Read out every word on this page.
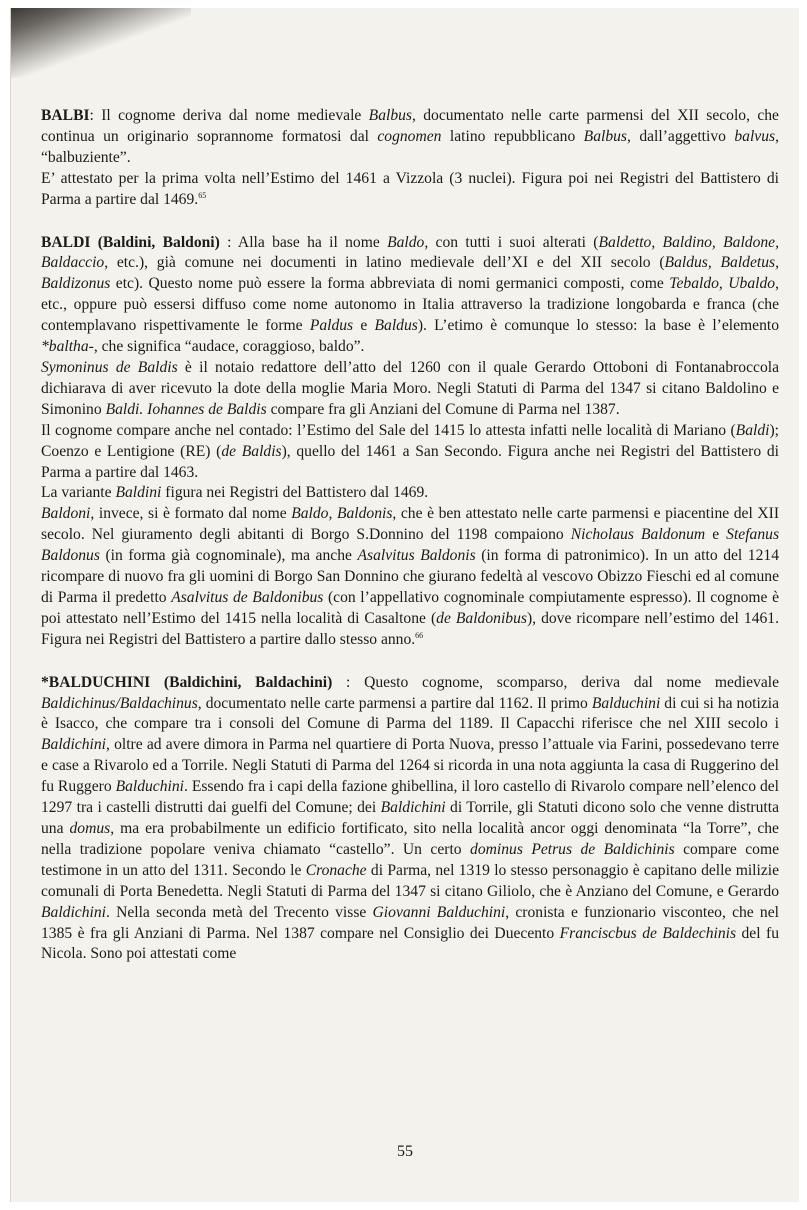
BALBI: Il cognome deriva dal nome medievale Balbus, documentato nelle carte parmensi del XII secolo, che continua un originario soprannome formatosi dal cognomen latino repubblicano Balbus, dall’aggettivo balvus, “balbuziente”.

E’ attestato per la prima volta nell’Estimo del 1461 a Vizzola (3 nuclei). Figura poi nei Registri del Battistero di Parma a partire dal 1469.65

BALDI (Baldini, Baldoni) : Alla base ha il nome Baldo, con tutti i suoi alterati (Baldetto, Baldino, Baldone, Baldaccio, etc.), già comune nei documenti in latino medievale dell’XI e del XII secolo (Baldus, Baldetus, Baldizonus etc). Questo nome può essere la forma abbreviata di nomi germanici composti, come Tebaldo, Ubaldo, etc., oppure può essersi diffuso come nome autonomo in Italia attraverso la tradizione longobarda e franca (che contemplavano rispettivamente le forme Paldus e Baldus). L’etimo è comunque lo stesso: la base è l’elemento *baltha-, che significa “audace, coraggioso, baldo”.

Symoninus de Baldis è il notaio redattore dell’atto del 1260 con il quale Gerardo Ottoboni di Fontanabroccola dichiarava di aver ricevuto la dote della moglie Maria Moro. Negli Statuti di Parma del 1347 si citano Baldolino e Simonino Baldi. Iohannes de Baldis compare fra gli Anziani del Comune di Parma nel 1387.

Il cognome compare anche nel contado: l’Estimo del Sale del 1415 lo attesta infatti nelle località di Mariano (Baldi); Coenzo e Lentigione (RE) (de Baldis), quello del 1461 a San Secondo. Figura anche nei Registri del Battistero di Parma a partire dal 1463.

La variante Baldini figura nei Registri del Battistero dal 1469.

Baldoni, invece, si è formato dal nome Baldo, Baldonis, che è ben attestato nelle carte parmensi e piacentine del XII secolo. Nel giuramento degli abitanti di Borgo S.Donnino del 1198 compaiono Nicholaus Baldonum e Stefanus Baldonus (in forma già cognominale), ma anche Asalvitus Baldonis (in forma di patronimico). In un atto del 1214 ricompare di nuovo fra gli uomini di Borgo San Donnino che giurano fedeltà al vescovo Obizzo Fieschi ed al comune di Parma il predetto Asalvitus de Baldonibus (con l’appellativo cognominale compiutamente espresso). Il cognome è poi attestato nell’Estimo del 1415 nella località di Casaltone (de Baldonibus), dove ricompare nell’estimo del 1461. Figura nei Registri del Battistero a partire dallo stesso anno.$^{66}$

*BALDUCHINI (Baldichini, Baldachini) : Questo cognome, scomparso, deriva dal nome medievale Baldichinus/Baldachinus, documentato nelle carte parmensi a partire dal 1162. Il primo Balduchini di cui si ha notizia è Isacco, che compare tra i consoli del Comune di Parma del 1189. Il Capacchi riferisce che nel XIII secolo i Baldichini, oltre ad avere dimora in Parma nel quartiere di Porta Nuova, presso l’attuale via Farini, possedevano terre e case a Rivarolo ed a Torrile. Negli Statuti di Parma del 1264 si ricorda in una nota aggiunta la casa di Ruggerino del fu Ruggero Balduchini. Essendo fra i capi della fazione ghibellina, il loro castello di Rivarolo compare nell’elenco del 1297 tra i castelli distrutti dai guelfi del Comune; dei Baldichini di Torrile, gli Statuti dicono solo che venne distrutta una domus, ma era probabilmente un edificio fortificato, sito nella località ancor oggi denominata “la Torre”, che nella tradizione popolare veniva chiamato “castello”. Un certo dominus Petrus de Baldichinis compare come testimone in un atto del 1311. Secondo le Cronache di Parma, nel 1319 lo stesso personaggio è capitano delle milizie comunali di Porta Benedetta. Negli Statuti di Parma del 1347 si citano Giliolo, che è Anziano del Comune, e Gerardo Baldichini. Nella seconda metà del Trecento visse Giovanni Balduchini, cronista e funzionario visconteo, che nel 1385 è fra gli Anziani di Parma. Nel 1387 compare nel Consiglio dei Duecento Franciscbus de Baldechinis del fu Nicola. Sono poi attestati come

55
